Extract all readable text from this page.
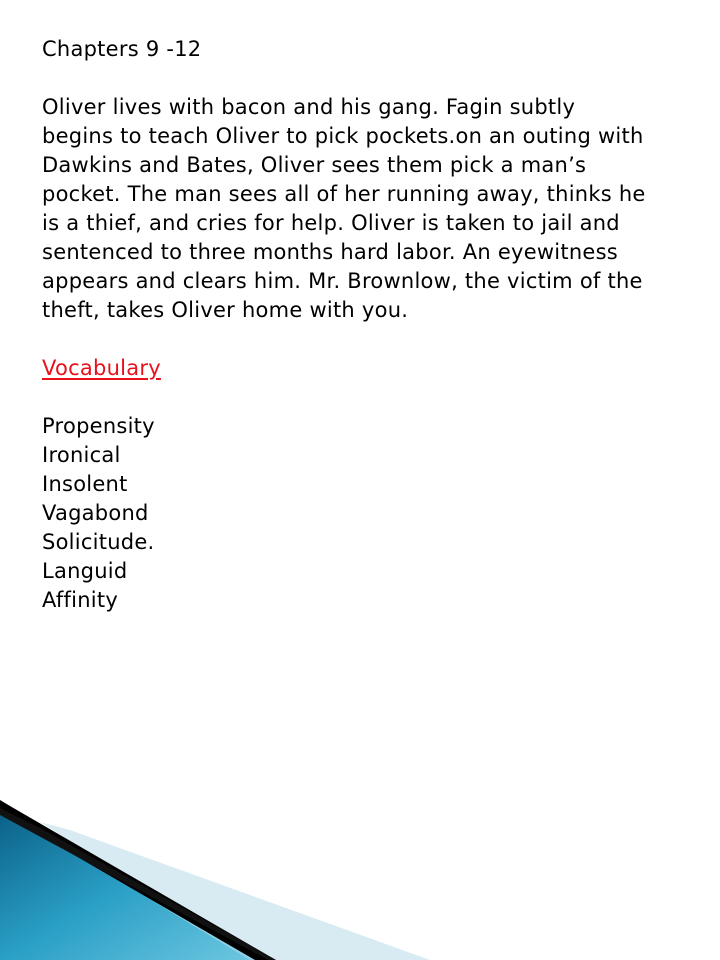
Chapters 9 -12

Oliver lives with bacon and his gang. Fagin subtly

begins to teach Oliver to pick pockets.on an outing with

Dawkins and Bates, Oliver sees them pick a man’s

pocket. The man sees all of her running away, thinks he

is a thief, and cries for help. Oliver is taken to jail and

sentenced to three months hard labor. An eyewitness

appears and clears him. Mr. Brownlow, the victim of the

theft, takes Oliver home with you.

Vocabulary

Propensity

Ironical

Insolent

Vagabond

Solicitude.

Languid

Affinity
